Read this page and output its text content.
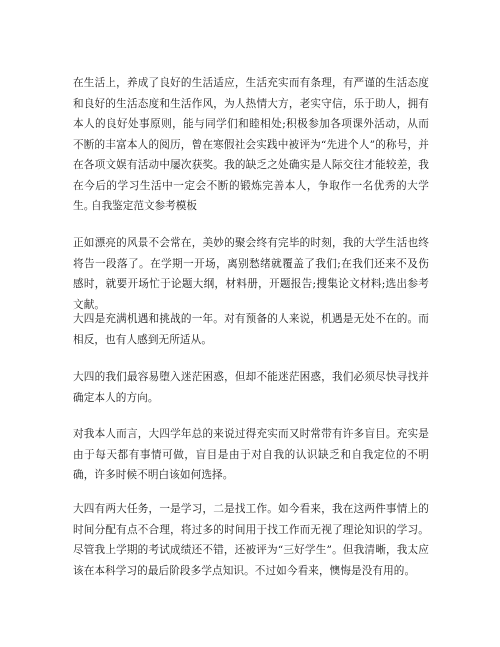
在生活上，养成了良好的生活适应，生活充实而有条理，有严谨的生活态度和良好的生活态度和生活作风，为人热情大方，老实守信，乐于助人，拥有本人的良好处事原则，能与同学们和睦相处;积极参加各项课外活动，从而不断的丰富本人的阅历，曾在寒假社会实践中被评为“先进个人”的称号，并在各项文娱有活动中屡次获奖。我的缺乏之处确实是人际交往才能较差，我在今后的学习生活中一定会不断的锻炼完善本人，争取作一名优秀的大学生。

自我鉴定范文参考模板

正如漂亮的风景不会常在，美妙的聚会终有完毕的时刻，我的大学生活也终将告一段落了。在学期一开场，离别愁绪就覆盖了我们;在我们还来不及伤感时，就要开场忙于论题大纲，材料册，开题报告;搜集论文材料;选出参考文献。

大四是充满机遇和挑战的一年。对有预备的人来说，机遇是无处不在的。而相反，也有人感到无所适从。

大四的我们最容易堕入迷茫困惑，但却不能迷茫困惑，我们必须尽快寻找并确定本人的方向。

对我本人而言，大四学年总的来说过得充实而又时常带有许多盲目。充实是由于每天都有事情可做，盲目是由于对自我的认识缺乏和自我定位的不明确，许多时候不明白该如何选择。

大四有两大任务，一是学习，二是找工作。如今看来，我在这两件事情上的时间分配有点不合理，将过多的时间用于找工作而无视了理论知识的学习。尽管我上学期的考试成绩还不错，还被评为“三好学生”。但我清晰，我太应该在本科学习的最后阶段多学点知识。不过如今看来，懊悔是没有用的。
